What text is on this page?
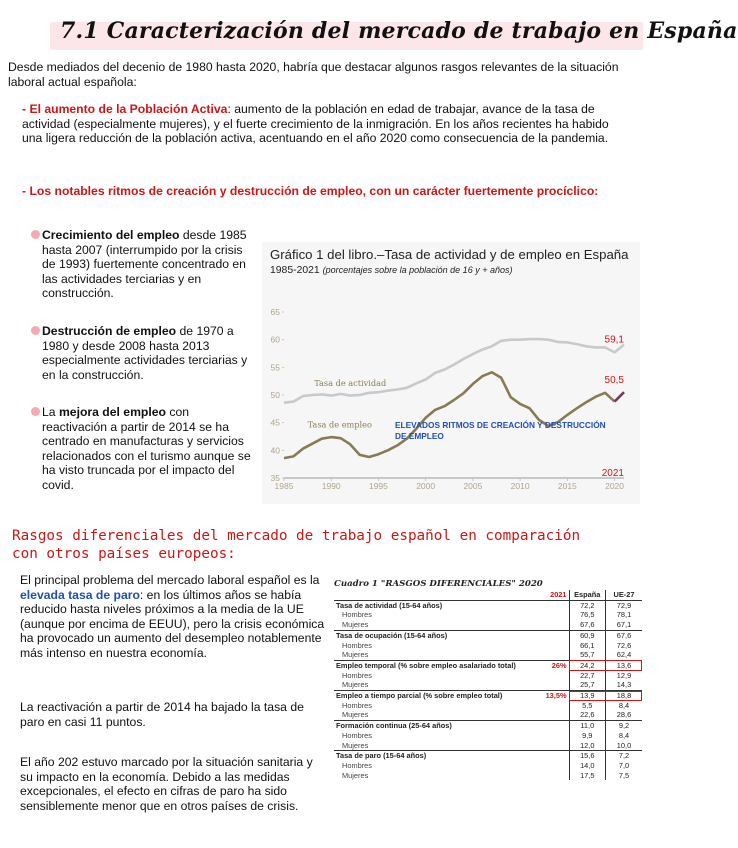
7.1 Caracterización del mercado de trabajo en España
Desde mediados del decenio de 1980 hasta 2020, habría que destacar algunos rasgos relevantes de la situación laboral actual española:
- El aumento de la Población Activa: aumento de la población en edad de trabajar, avance de la tasa de actividad (especialmente mujeres), y el fuerte crecimiento de la inmigración. En los años recientes ha habido una ligera reducción de la población activa, acentuando en el año 2020 como consecuencia de la pandemia.
- Los notables ritmos de creación y destrucción de empleo, con un carácter fuertemente procíclico:
Crecimiento del empleo desde 1985 hasta 2007 (interrumpido por la crisis de 1993) fuertemente concentrado en las actividades terciarias y en construcción.
Destrucción de empleo de 1970 a 1980 y desde 2008 hasta 2013 especialmente actividades terciarias y en la construcción.
La mejora del empleo con reactivación a partir de 2014 se ha centrado en manufacturas y servicios relacionados con el turismo aunque se ha visto truncada por el impacto del covid.
Gráfico 1 del libro.–Tasa de actividad y de empleo en España
1985-2021 (porcentajes sobre la población de 16 y + años)
35
40
45
50
55
60
65
1985	1990	1995	2000	2005	2010	2015	2020
Tasa de actividad
Tasa de empleo
59,1
50,5
2021
ELEVADOS RITMOS DE CREACIÓN Y DESTRUCCIÓN
DE EMPLEO
Rasgos diferenciales del mercado de trabajo español en comparación
con otros países europeos:
El principal problema del mercado laboral español es la elevada tasa de paro: en los últimos años se había reducido hasta niveles próximos a la media de la UE (aunque por encima de EEUU), pero la crisis económica ha provocado un aumento del desempleo notablemente más intenso en nuestra economía.
La reactivación a partir de 2014 ha bajado la tasa de paro en casi 11 puntos.
El año 202 estuvo marcado por la situación sanitaria y su impacto en la economía. Debido a las medidas excepcionales, el efecto en cifras de paro ha sido sensiblemente menor que en otros países de crisis.
Cuadro 1 "RASGOS DIFERENCIALES" 2020
	2021	España	UE-27
Tasa de actividad (15-64 años)		72,2	72,9
Hombres		76,5	78,1
Mujeres		67,6	67,1
Tasa de ocupación (15-64 años)		60,9	67,6
Hombres		66,1	72,6
Mujeres		55,7	62,4
Empleo temporal (% sobre empleo asalariado total)	26%	24,2	13,6
Hombres		22,7	12,9
Mujeres		25,7	14,3
Empleo a tiempo parcial (% sobre empleo total)	13,5%	13,9	18,8
Hombres		5,5	8,4
Mujeres		22,6	28,6
Formación continua (25-64 años)		11,0	9,2
Hombres		9,9	8,4
Mujeres		12,0	10,0
Tasa de paro (15-64 años)		15,6	7,2
Hombres		14,0	7,0
Mujeres		17,5	7,5
